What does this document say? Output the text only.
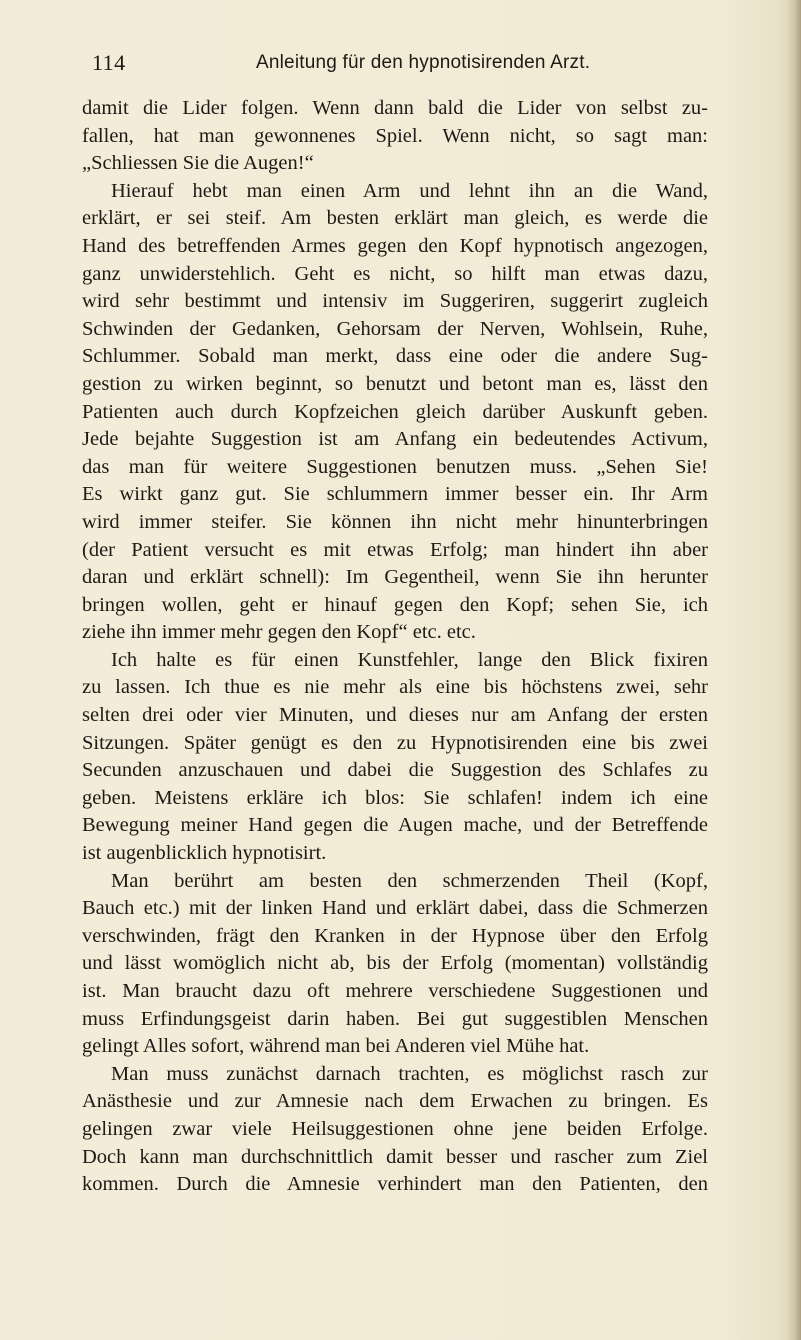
114	Anleitung für den hypnotisirenden Arzt.
damit die Lider folgen. Wenn dann bald die Lider von selbst zu-
fallen, hat man gewonnenes Spiel. Wenn nicht, so sagt man:
„Schliessen Sie die Augen!“
Hierauf hebt man einen Arm und lehnt ihn an die Wand,
erklärt, er sei steif. Am besten erklärt man gleich, es werde die
Hand des betreffenden Armes gegen den Kopf hypnotisch angezogen,
ganz unwiderstehlich. Geht es nicht, so hilft man etwas dazu,
wird sehr bestimmt und intensiv im Suggeriren, suggerirt zugleich
Schwinden der Gedanken, Gehorsam der Nerven, Wohlsein, Ruhe,
Schlummer. Sobald man merkt, dass eine oder die andere Sug-
gestion zu wirken beginnt, so benutzt und betont man es, lässt den
Patienten auch durch Kopfzeichen gleich darüber Auskunft geben.
Jede bejahte Suggestion ist am Anfang ein bedeutendes Activum,
das man für weitere Suggestionen benutzen muss. „Sehen Sie!
Es wirkt ganz gut. Sie schlummern immer besser ein. Ihr Arm
wird immer steifer. Sie können ihn nicht mehr hinunterbringen
(der Patient versucht es mit etwas Erfolg; man hindert ihn aber
daran und erklärt schnell): Im Gegentheil, wenn Sie ihn herunter
bringen wollen, geht er hinauf gegen den Kopf; sehen Sie, ich
ziehe ihn immer mehr gegen den Kopf“ etc. etc.
Ich halte es für einen Kunstfehler, lange den Blick fixiren
zu lassen. Ich thue es nie mehr als eine bis höchstens zwei, sehr
selten drei oder vier Minuten, und dieses nur am Anfang der ersten
Sitzungen. Später genügt es den zu Hypnotisirenden eine bis zwei
Secunden anzuschauen und dabei die Suggestion des Schlafes zu
geben. Meistens erkläre ich blos: Sie schlafen! indem ich eine
Bewegung meiner Hand gegen die Augen mache, und der Betreffende
ist augenblicklich hypnotisirt.
Man berührt am besten den schmerzenden Theil (Kopf,
Bauch etc.) mit der linken Hand und erklärt dabei, dass die Schmerzen
verschwinden, frägt den Kranken in der Hypnose über den Erfolg
und lässt womöglich nicht ab, bis der Erfolg (momentan) vollständig
ist. Man braucht dazu oft mehrere verschiedene Suggestionen und
muss Erfindungsgeist darin haben. Bei gut suggestiblen Menschen
gelingt Alles sofort, während man bei Anderen viel Mühe hat.
Man muss zunächst darnach trachten, es möglichst rasch zur
Anästhesie und zur Amnesie nach dem Erwachen zu bringen. Es
gelingen zwar viele Heilsuggestionen ohne jene beiden Erfolge.
Doch kann man durchschnittlich damit besser und rascher zum Ziel
kommen. Durch die Amnesie verhindert man den Patienten, den
